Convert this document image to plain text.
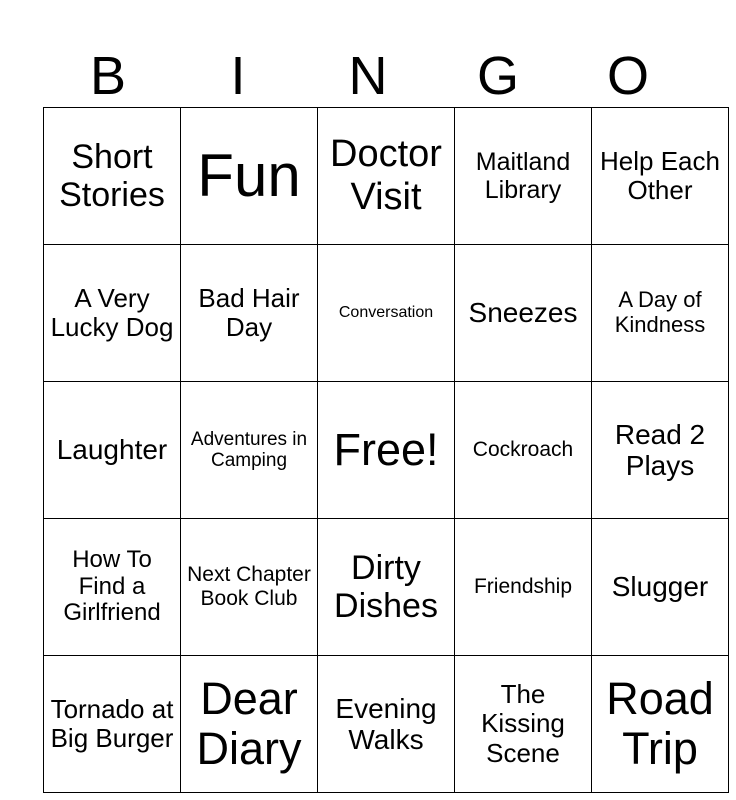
B	I	N	G	O
Short Stories	Fun	Doctor Visit	Maitland Library	Help Each Other
A Very Lucky Dog	Bad Hair Day	Conversation	Sneezes	A Day of Kindness
Laughter	Adventures in Camping	Free!	Cockroach	Read 2 Plays
How To Find a Girlfriend	Next Chapter Book Club	Dirty Dishes	Friendship	Slugger
Tornado at Big Burger	Dear Diary	Evening Walks	The Kissing Scene	Road Trip
